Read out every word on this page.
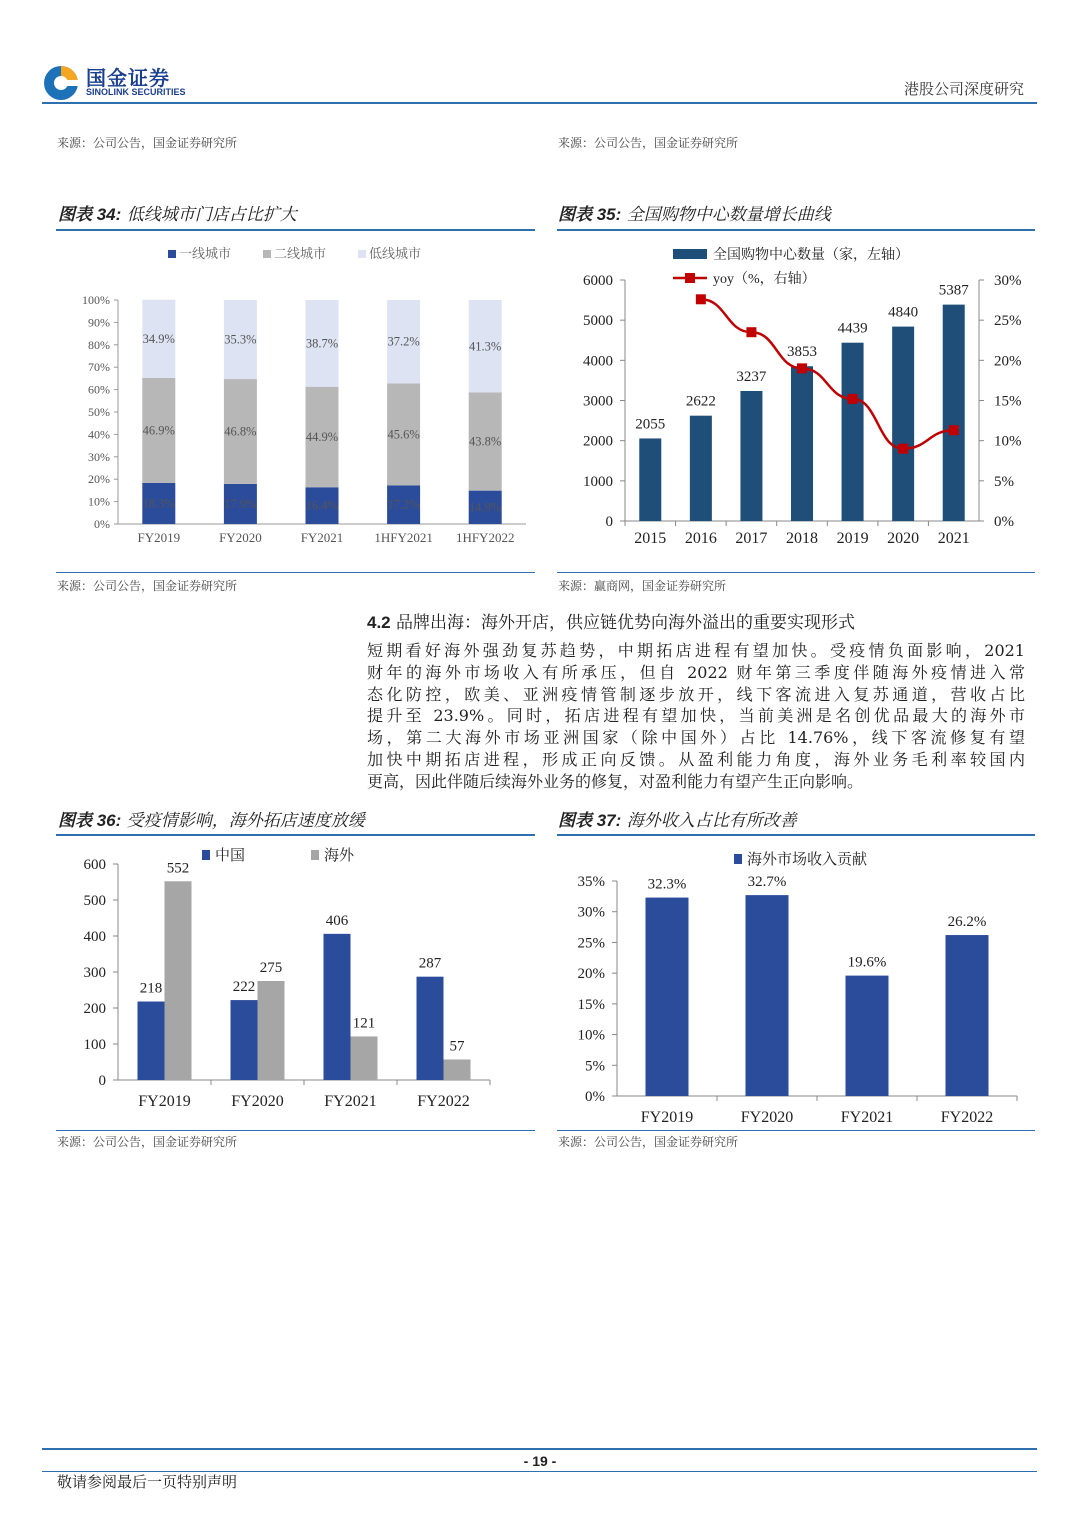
国金证券
SINOLINK SECURITIES	港股公司深度研究
来源：公司公告，国金证券研究所	来源：公司公告，国金证券研究所
图表 34: 低线城市门店占比扩大	图表 35: 全国购物中心数量增长曲线
0%
10%
20%
30%
40%
50%
60%
70%
80%
90%
100%
18.3%
46.9%
34.9%
FY2019
17.9%
46.8%
35.3%
FY2020
16.4%
44.9%
38.7%
FY2021
17.2%
45.6%
37.2%
1HFY2021
14.9%
43.8%
41.3%
1HFY2022
一线城市	二线城市	低线城市
0
1000
2000
3000
4000
5000
6000
0%
5%
10%
15%
20%
25%
30%
2055
2015
2622
2016
3237
2017
3853
2018
4439
2019
4840
2020
5387
2021
全国购物中心数量（家，左轴）
yoy（%，右轴）
来源：公司公告，国金证券研究所	来源：赢商网，国金证券研究所
4.2 品牌出海：海外开店，供应链优势向海外溢出的重要实现形式
短期看好海外强劲复苏趋势，中期拓店进程有望加快。受疫情负面影响，2021
财年的海外市场收入有所承压，但自 2022 财年第三季度伴随海外疫情进入常
态化防控，欧美、亚洲疫情管制逐步放开，线下客流进入复苏通道，营收占比
提升至 23.9%。同时，拓店进程有望加快，当前美洲是名创优品最大的海外市
场，第二大海外市场亚洲国家（除中国外）占比 14.76%，线下客流修复有望
加快中期拓店进程，形成正向反馈。从盈利能力角度，海外业务毛利率较国内
更高，因此伴随后续海外业务的修复，对盈利能力有望产生正向影响。
图表 36: 受疫情影响，海外拓店速度放缓	图表 37: 海外收入占比有所改善
0
100
200
300
400
500
600
218
552
FY2019
222
275
FY2020
406
121
FY2021
287
57
FY2022
中国	海外
0%
5%
10%
15%
20%
25%
30%
35%	32.3%
FY2019
32.7%
FY2020
19.6%
FY2021
26.2%
FY2022
海外市场收入贡献
来源：公司公告，国金证券研究所	来源：公司公告，国金证券研究所
- 19 -
敬请参阅最后一页特别声明
